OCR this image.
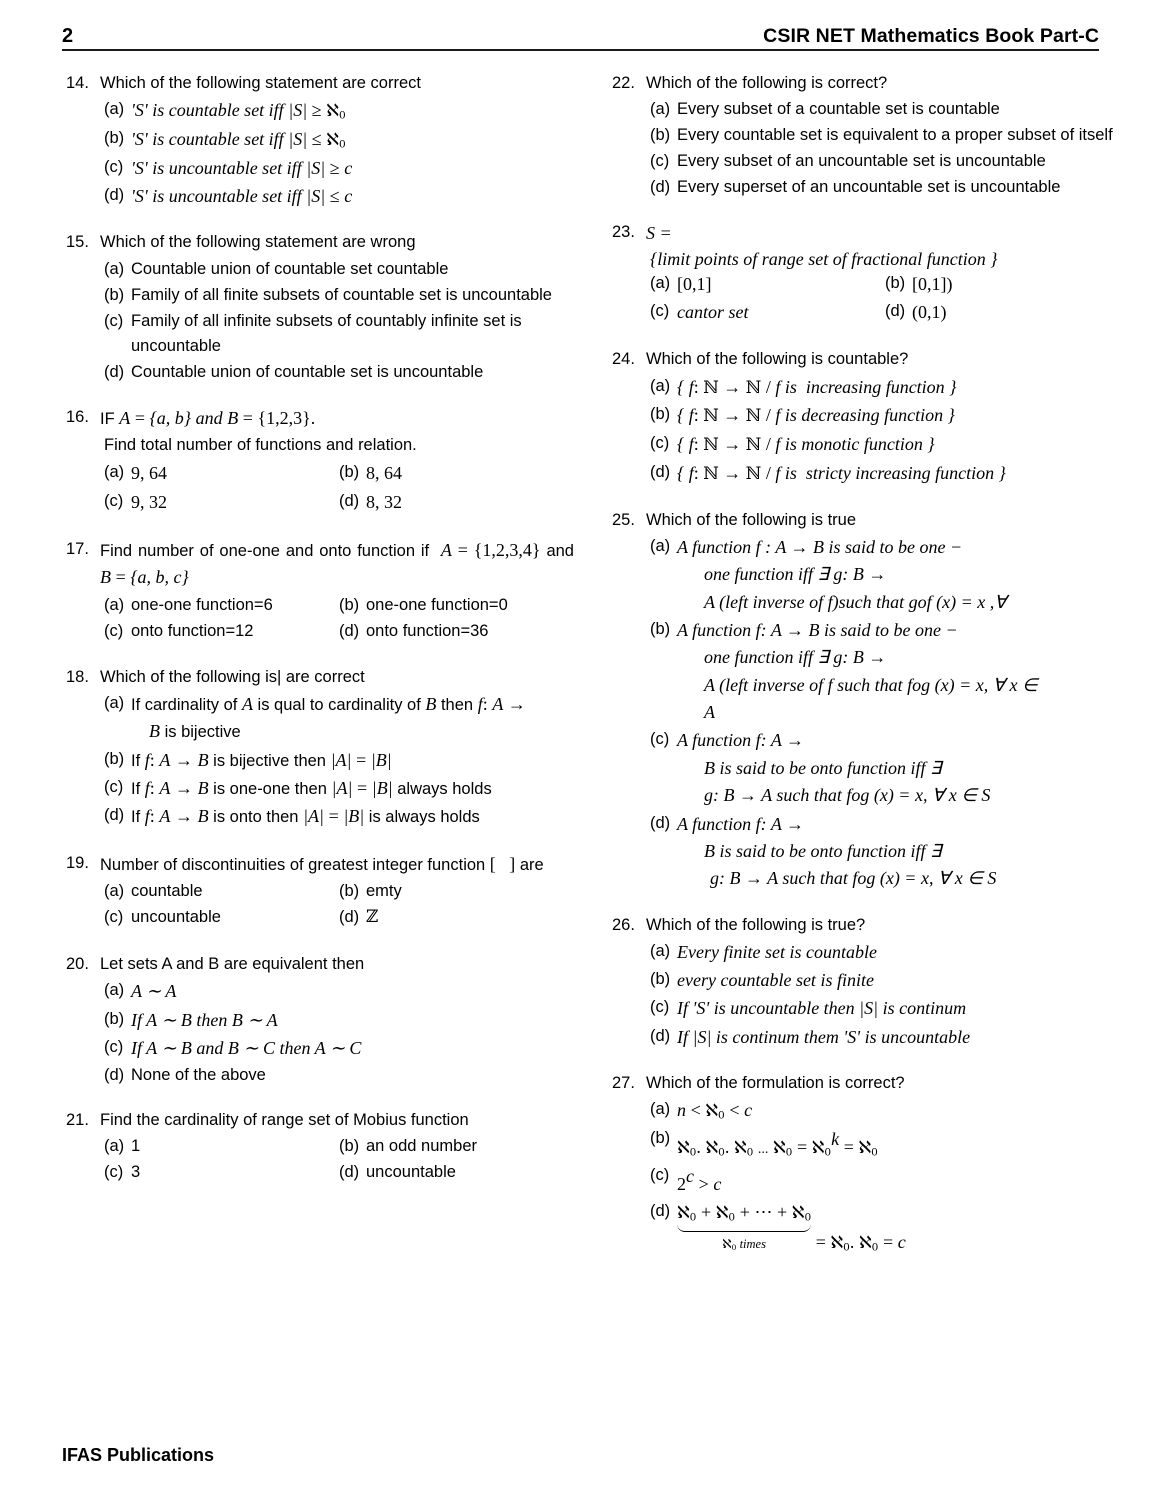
2	CSIR NET Mathematics Book Part-C
14. Which of the following statement are correct
(a) 'S' is countable set iff |S| ≥ ℵ$_0$
(b) 'S' is countable set iff |S| ≤ ℵ$_0$
(c) 'S' is uncountable set iff |S| ≥ c
(d) 'S' is uncountable set iff |S| ≤ c
15. Which of the following statement are wrong
(a) Countable union of countable set countable
(b) Family of all finite subsets of countable set is uncountable
(c) Family of all infinite subsets of countably infinite set is uncountable
(d) Countable union of countable set is uncountable
16. IF A = {a, b} and B = {1,2,3}.
Find total number of functions and relation.
(a) 9, 64	(b) 8, 64
(c) 9, 32	(d) 8, 32
17. Find number of one-one and onto function if  A = {1,2,3,4} and B = {a, b, c}
(a) one-one function=6	(b) one-one function=0
(c) onto function=12	(d) onto function=36
18. Which of the following is| are correct
(a) If cardinality of A is qual to cardinality of B then f: A →
B is bijective
(b) If f: A → B is bijective then |A| = |B|
(c) If f: A → B is one-one then |A| = |B| always holds
(d) If f: A → B is onto then |A| = |B| is always holds
19. Number of discontinuities of greatest integer function [   ] are
(a) countable	(b) emty
(c) uncountable	(d) ℤ
20. Let sets A and B are equivalent then
(a) A ∼ A
(b) If A ∼ B then B ∼ A
(c) If A ∼ B and B ∼ C then A ∼ C
(d) None of the above
21. Find the cardinality of range set of Mobius function
(a) 1	(b) an odd number
(c) 3	(d) uncountable
22. Which of the following is correct?
(a) Every subset of a countable set is countable
(b) Every countable set is equivalent to a proper subset of itself
(c) Every subset of an uncountable set is uncountable
(d) Every superset of an uncountable set is uncountable
23. S =
{limit points of range set of fractional function }
(a) [0,1]	(b) [0,1])
(c) cantor set	(d) (0,1)
24. Which of the following is countable?
(a) { f: ℕ → ℕ / f is  increasing function }
(b) { f: ℕ → ℕ / f is decreasing function }
(c) { f: ℕ → ℕ / f is monotic function }
(d) { f: ℕ → ℕ / f is  stricty increasing function }
25. Which of the following is true
(a) A function f : A → B is said to be one −
one function iff ∃ g: B →
A (left inverse of f)such that gof (x) = x ,∀
(b) A function f: A → B is said to be one −
one function iff ∃ g: B →
A (left inverse of f such that fog (x) = x, ∀ x ∈
A
(c) A function f: A →
B is said to be onto function iff ∃
g: B → A such that fog (x) = x, ∀ x ∈ S
(d) A function f: A →
B is said to be onto function iff ∃
g: B → A such that fog (x) = x, ∀ x ∈ S
26. Which of the following is true?
(a) Every finite set is countable
(b) every countable set is finite
(c) If 'S' is uncountable then |S| is continum
(d) If |S| is continum them 'S' is uncountable
27. Which of the formulation is correct?
(a) n < ℵ$_0$ < c
(b)
ℵ$_0$. ℵ$_0$. ℵ$_0$ ... ℵ$_0$ = ℵ$_0^k$ = ℵ$_0$
(c) $2^c > c$
(d) ℵ$_0$ + ℵ$_0$ + ⋯ + ℵ$_0$
ℵ$_0$ times	= ℵ$_0$. ℵ$_0$ = c
IFAS Publications
